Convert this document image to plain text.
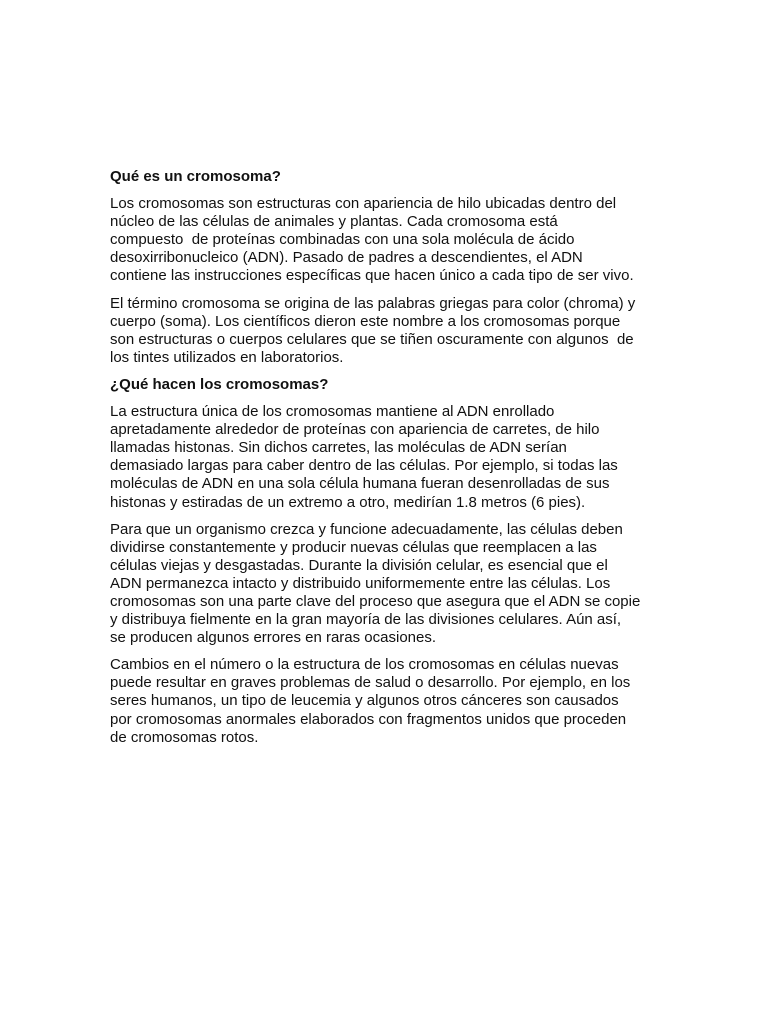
Qué es un cromosoma?
Los cromosomas son estructuras con apariencia de hilo ubicadas dentro del
núcleo de las células de animales y plantas. Cada cromosoma está
compuesto  de proteínas combinadas con una sola molécula de ácido
desoxirribonucleico (ADN). Pasado de padres a descendientes, el ADN
contiene las instrucciones específicas que hacen único a cada tipo de ser vivo.
El término cromosoma se origina de las palabras griegas para color (chroma) y
cuerpo (soma). Los científicos dieron este nombre a los cromosomas porque
son estructuras o cuerpos celulares que se tiñen oscuramente con algunos  de
los tintes utilizados en laboratorios.
¿Qué hacen los cromosomas?
La estructura única de los cromosomas mantiene al ADN enrollado
apretadamente alrededor de proteínas con apariencia de carretes, de hilo
llamadas histonas. Sin dichos carretes, las moléculas de ADN serían
demasiado largas para caber dentro de las células. Por ejemplo, si todas las
moléculas de ADN en una sola célula humana fueran desenrolladas de sus
histonas y estiradas de un extremo a otro, medirían 1.8 metros (6 pies).
Para que un organismo crezca y funcione adecuadamente, las células deben
dividirse constantemente y producir nuevas células que reemplacen a las
células viejas y desgastadas. Durante la división celular, es esencial que el
ADN permanezca intacto y distribuido uniformemente entre las células. Los
cromosomas son una parte clave del proceso que asegura que el ADN se copie
y distribuya fielmente en la gran mayoría de las divisiones celulares. Aún así,
se producen algunos errores en raras ocasiones.
Cambios en el número o la estructura de los cromosomas en células nuevas
puede resultar en graves problemas de salud o desarrollo. Por ejemplo, en los
seres humanos, un tipo de leucemia y algunos otros cánceres son causados
por cromosomas anormales elaborados con fragmentos unidos que proceden
de cromosomas rotos.
